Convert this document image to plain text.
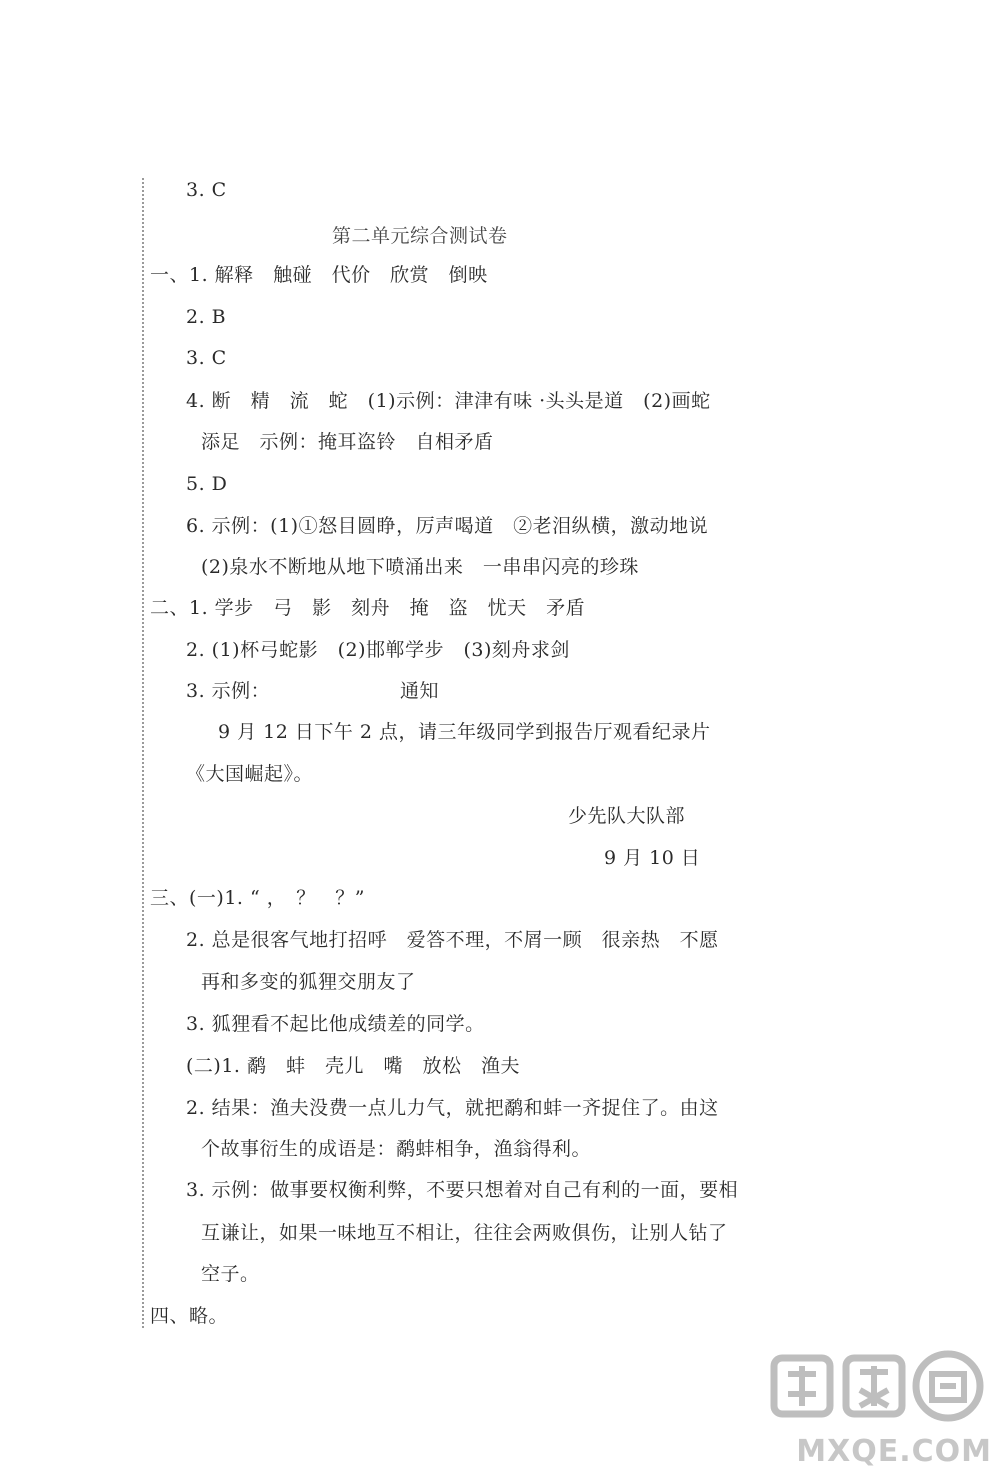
3. C
第二单元综合测试卷
一、1. 解释　触碰　代价　欣赏　倒映
2. B
3. C
4. 断　精　流　蛇　(1)示例：津津有味 ·头头是道　(2)画蛇
添足　示例：掩耳盗铃　自相矛盾
5. D
6. 示例：(1)①怒目圆睁，厉声喝道　②老泪纵横，激动地说
(2)泉水不断地从地下喷涌出来　一串串闪亮的珍珠
二、1. 学步　弓　影　刻舟　掩　盗　忧天　矛盾
2. (1)杯弓蛇影　(2)邯郸学步　(3)刻舟求剑
3. 示例：	通知
9 月 12 日下午 2 点，请三年级同学到报告厅观看纪录片
《大国崛起》。
少先队大队部
9 月 10 日
三、(一)1. “ ，　？　？”
2. 总是很客气地打招呼　爱答不理，不屑一顾　很亲热　不愿
再和多变的狐狸交朋友了
3. 狐狸看不起比他成绩差的同学。
(二)1. 鹬　蚌　壳儿　嘴　放松　渔夫
2. 结果：渔夫没费一点儿力气，就把鹬和蚌一齐捉住了。由这
个故事衍生的成语是：鹬蚌相争，渔翁得利。
3. 示例：做事要权衡利弊，不要只想着对自己有利的一面，要相
互谦让，如果一味地互不相让，往往会两败俱伤，让别人钻了
空子。
四、略。
MXQE.COM
